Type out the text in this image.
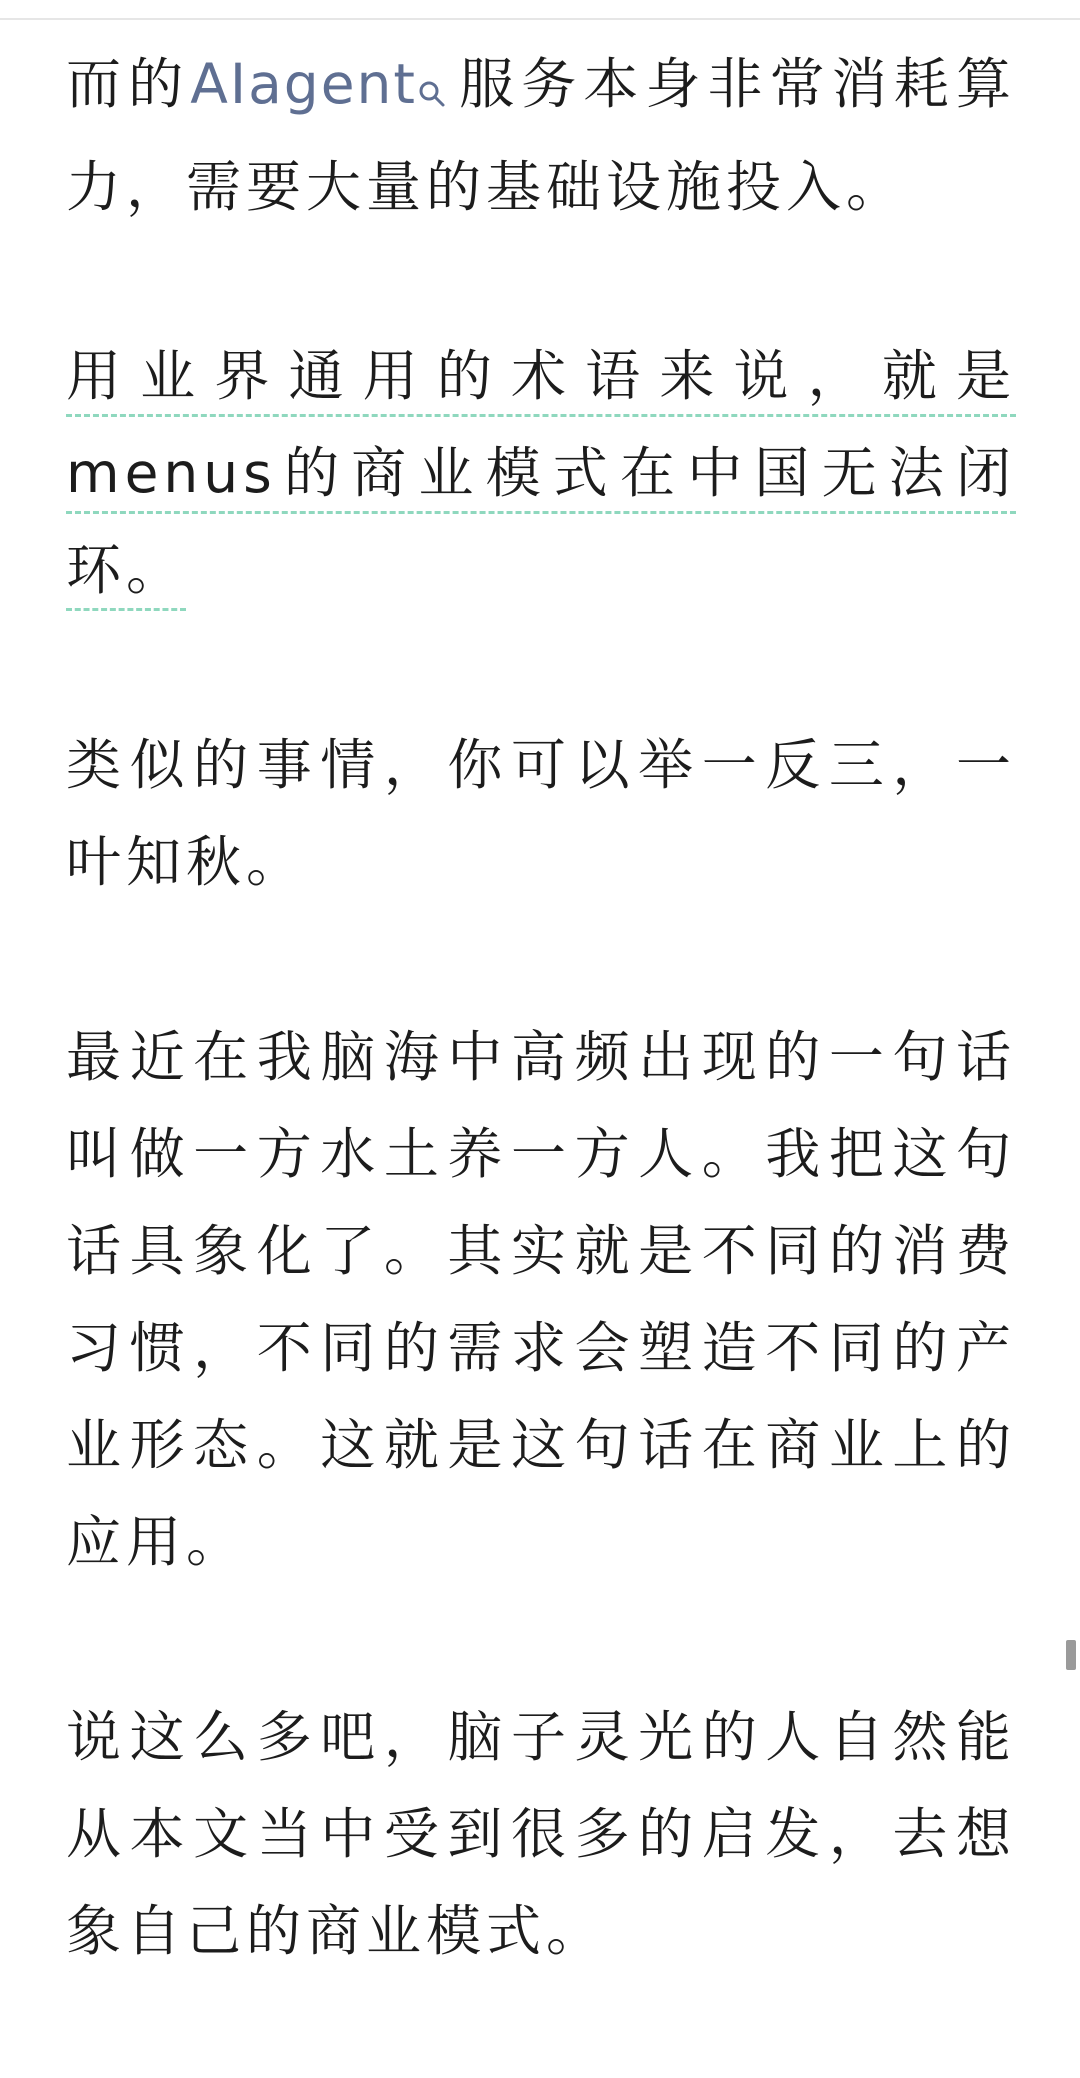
而的AIagent 服务本身非常消耗算力，需要大量的基础设施投入。

用业界通用的术语来说，就是menus的商业模式在中国无法闭环。

类似的事情，你可以举一反三，一叶知秋。

最近在我脑海中高频出现的一句话叫做一方水土养一方人。我把这句话具象化了。其实就是不同的消费习惯，不同的需求会塑造不同的产业形态。这就是这句话在商业上的应用。

说这么多吧，脑子灵光的人自然能从本文当中受到很多的启发，去想象自己的商业模式。
